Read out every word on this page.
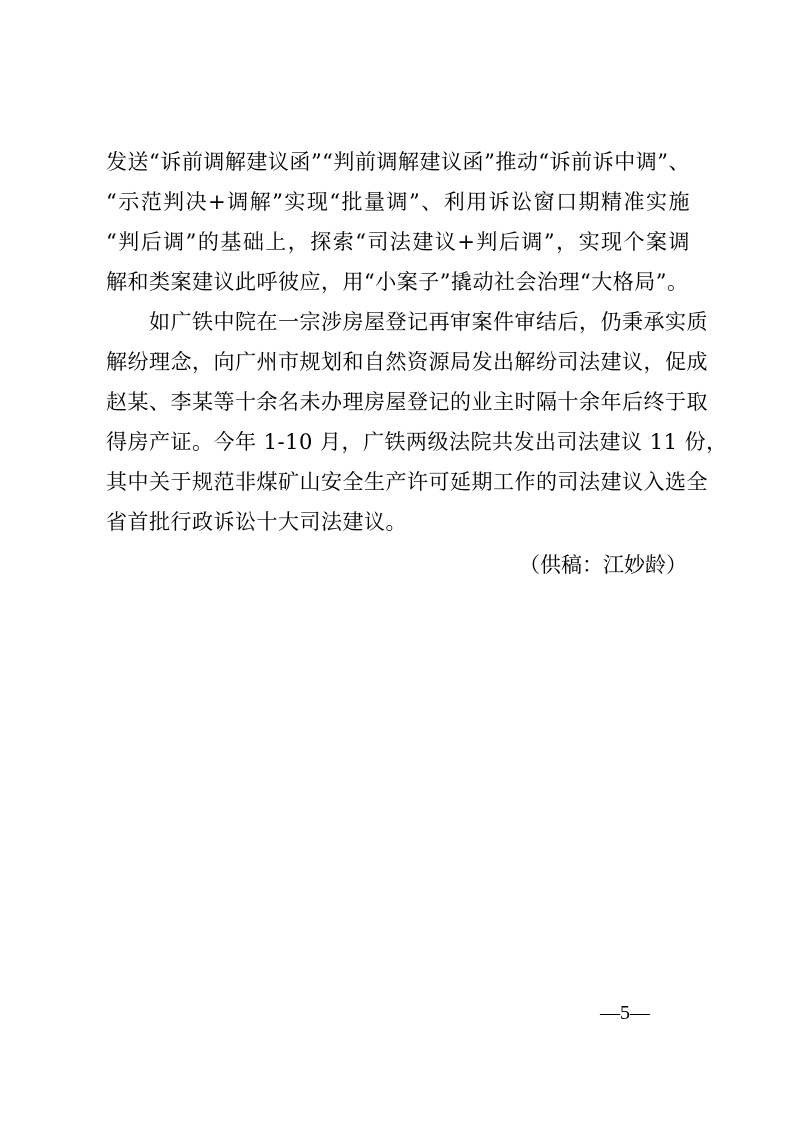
发送“诉前调解建议函”“判前调解建议函”推动“诉前诉中调”、
“示范判决+调解”实现“批量调”、利用诉讼窗口期精准实施
“判后调”的基础上，探索“司法建议+判后调”，实现个案调
解和类案建议此呼彼应，用“小案子”撬动社会治理“大格局”。
　　如广铁中院在一宗涉房屋登记再审案件审结后，仍秉承实质
解纷理念，向广州市规划和自然资源局发出解纷司法建议，促成
赵某、李某等十余名未办理房屋登记的业主时隔十余年后终于取
得房产证。今年 1-10 月，广铁两级法院共发出司法建议 11 份，
其中关于规范非煤矿山安全生产许可延期工作的司法建议入选全
省首批行政诉讼十大司法建议。
（供稿：江妙龄）
—5—
